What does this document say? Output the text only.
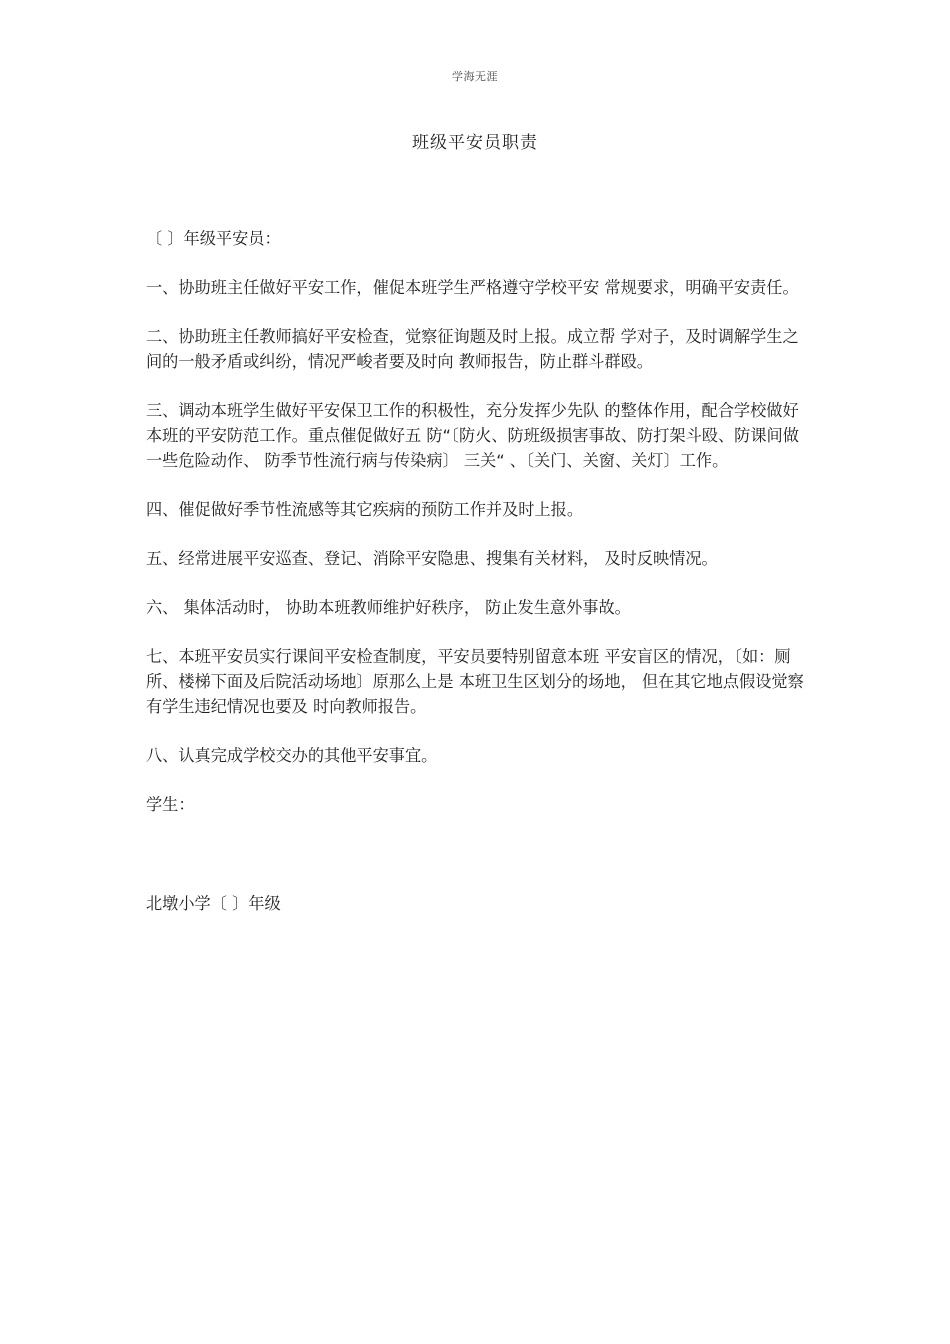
学海无涯
班级平安员职责

〔 〕年级平安员：

一、协助班主任做好平安工作，催促本班学生严格遵守学校平安 常规要求，明确平安责任。

二、协助班主任教师搞好平安检查，觉察征询题及时上报。成立帮 学对子，及时调解学生之间的一般矛盾或纠纷，情况严峻者要及时向 教师报告，防止群斗群殴。

三、调动本班学生做好平安保卫工作的积极性，充分发挥少先队 的整体作用，配合学校做好本班的平安防范工作。重点催促做好五 防“〔防火、防班级损害事故、防打架斗殴、防课间做一些危险动作、 防季节性流行病与传染病〕 三关“ 、〔关门、关窗、关灯〕工作。

四、催促做好季节性流感等其它疾病的预防工作并及时上报。

五、经常进展平安巡查、登记、消除平安隐患、搜集有关材料， 及时反映情况。

六、 集体活动时， 协助本班教师维护好秩序， 防止发生意外事故。

七、本班平安员实行课间平安检查制度，平安员要特别留意本班 平安盲区的情况，〔如：厕所、楼梯下面及后院活动场地〕原那么上是 本班卫生区划分的场地， 但在其它地点假设觉察有学生违纪情况也要及 时向教师报告。

八、认真完成学校交办的其他平安事宜。

学生：

北墩小学〔 〕年级
